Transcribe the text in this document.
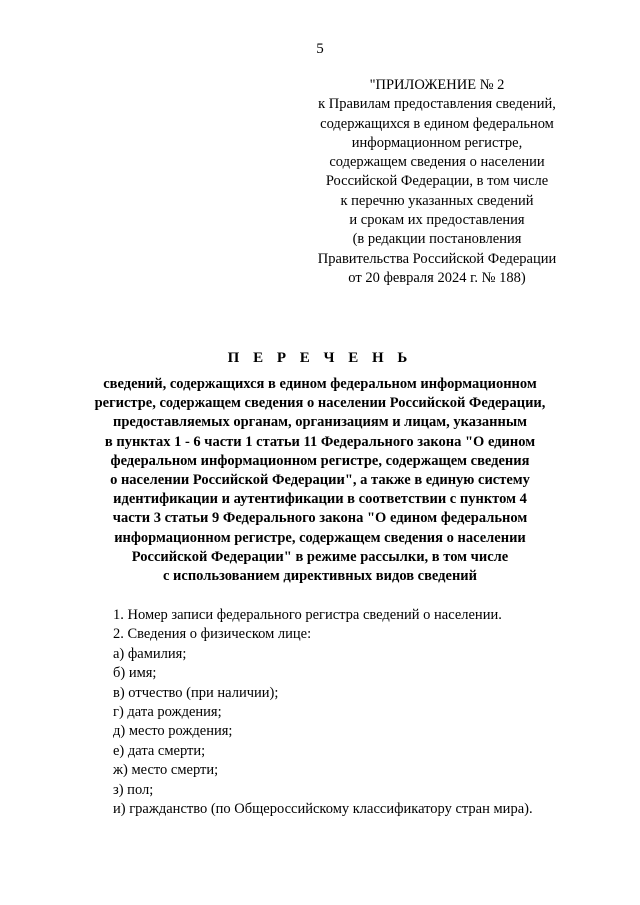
5
"ПРИЛОЖЕНИЕ № 2
к Правилам предоставления сведений,
содержащихся в едином федеральном
информационном регистре,
содержащем сведения о населении
Российской Федерации, в том числе
к перечню указанных сведений
и срокам их предоставления
(в редакции постановления
Правительства Российской Федерации
от 20 февраля 2024 г. № 188)
П Е Р Е Ч Е Н Ь
сведений, содержащихся в едином федеральном информационном
регистре, содержащем сведения о населении Российской Федерации,
предоставляемых органам, организациям и лицам, указанным
в пунктах 1 - 6 части 1 статьи 11 Федерального закона "О едином
федеральном информационном регистре, содержащем сведения
о населении Российской Федерации", а также в единую систему
идентификации и аутентификации в соответствии с пунктом 4
части 3 статьи 9 Федерального закона "О едином федеральном
информационном регистре, содержащем сведения о населении
Российской Федерации" в режиме рассылки, в том числе
с использованием директивных видов сведений
1. Номер записи федерального регистра сведений о населении.
2. Сведения о физическом лице:
а) фамилия;
б) имя;
в) отчество (при наличии);
г) дата рождения;
д) место рождения;
е) дата смерти;
ж) место смерти;
з) пол;
и) гражданство (по Общероссийскому классификатору стран мира).
